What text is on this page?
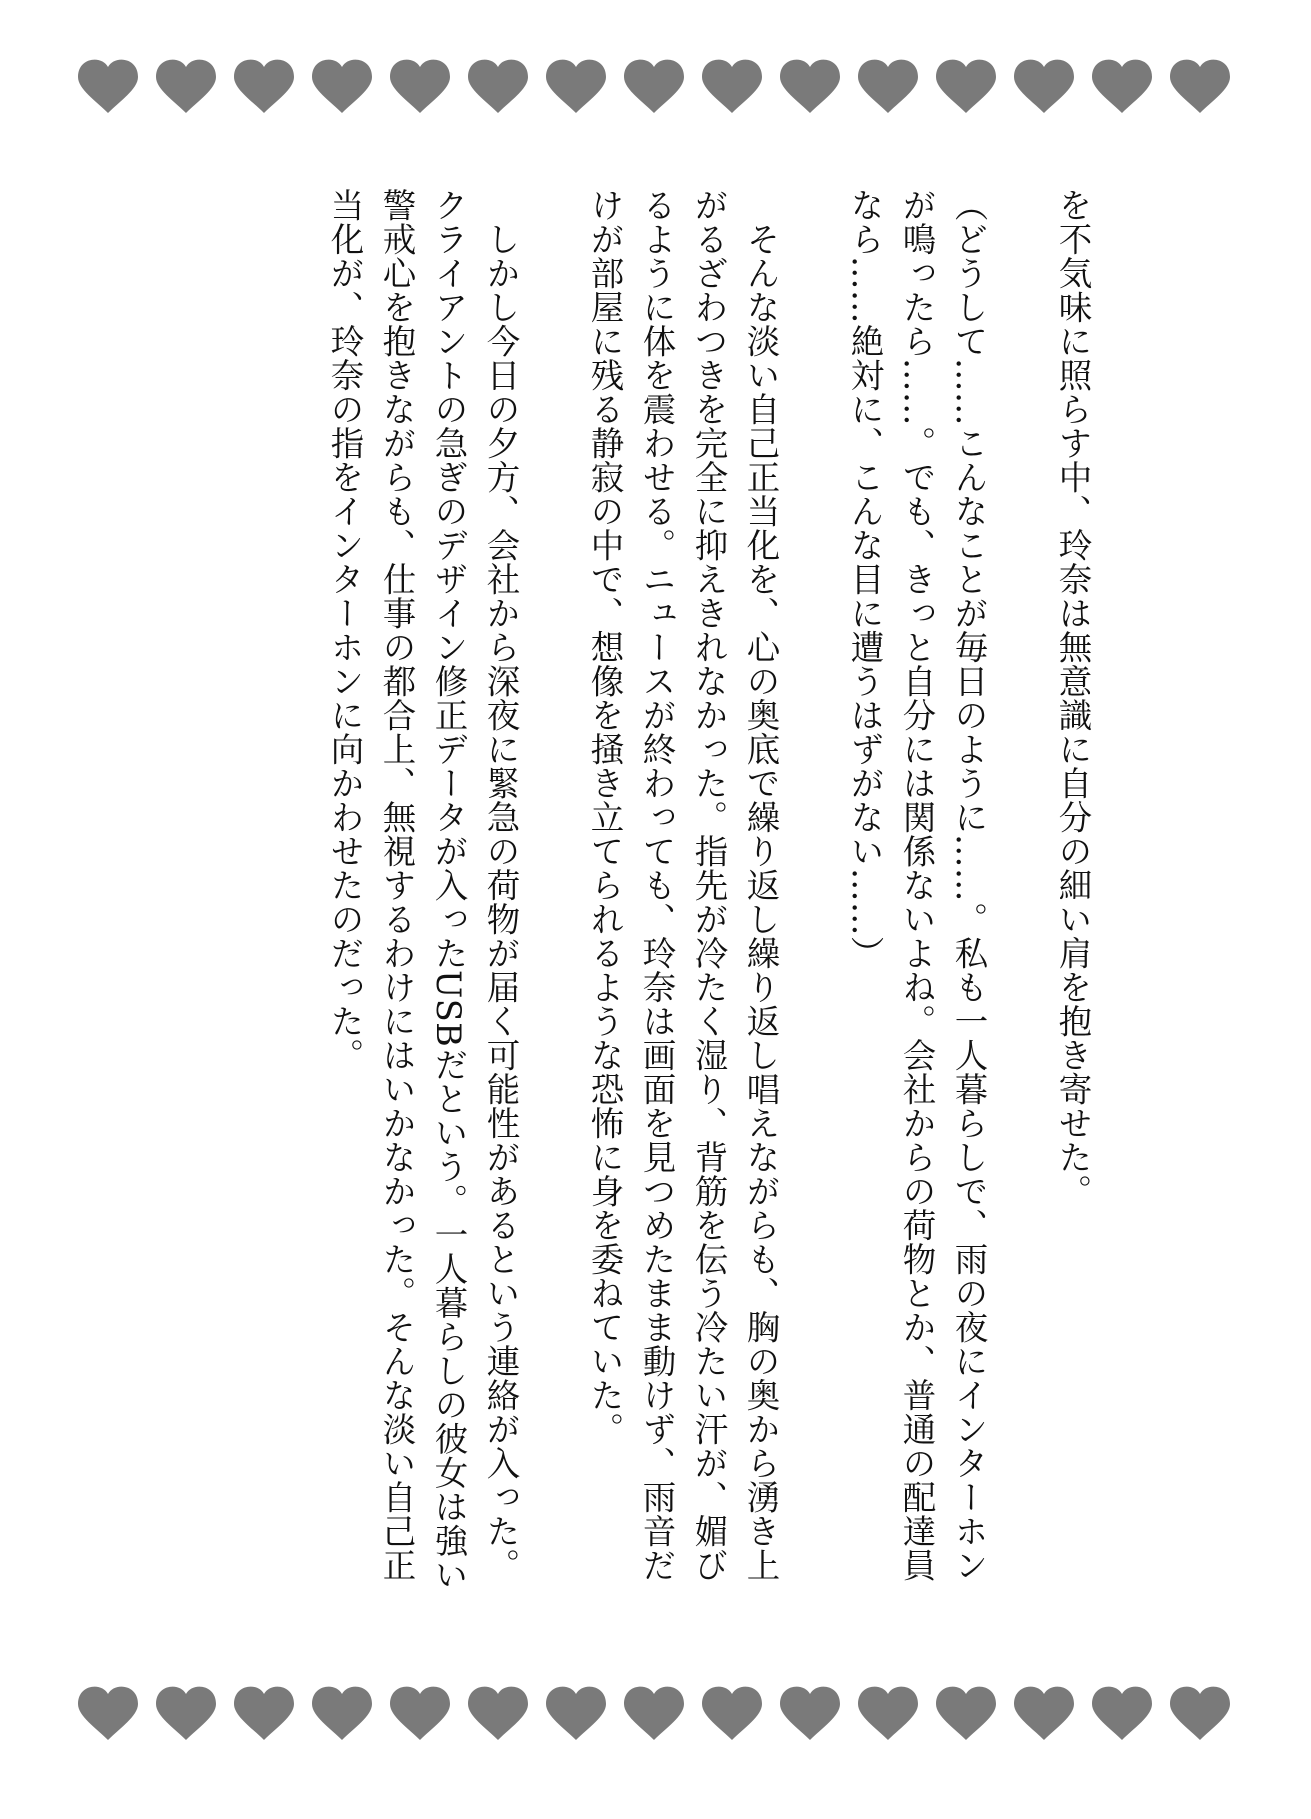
を不気味に照らす中、玲奈は無意識に自分の細い肩を抱き寄せた。

（どうして……こんなことが毎日のように……。私も一人暮らしで、雨の夜にインターホンが鳴ったら……。でも、きっと自分には関係ないよね。会社からの荷物とか、普通の配達員なら……絶対に、こんな目に遭うはずがない……）

　そんな淡い自己正当化を、心の奥底で繰り返し繰り返し唱えながらも、胸の奥から湧き上がるざわつきを完全に抑えきれなかった。指先が冷たく湿り、背筋を伝う冷たい汗が、媚びるように体を震わせる。ニュースが終わっても、玲奈は画面を見つめたまま動けず、雨音だけが部屋に残る静寂の中で、想像を掻き立てられるような恐怖に身を委ねていた。

　しかし今日の夕方、会社から深夜に緊急の荷物が届く可能性があるという連絡が入った。クライアントの急ぎのデザイン修正データが入ったUSBだという。一人暮らしの彼女は強い警戒心を抱きながらも、仕事の都合上、無視するわけにはいかなかった。そんな淡い自己正当化が、玲奈の指をインターホンに向かわせたのだった。
